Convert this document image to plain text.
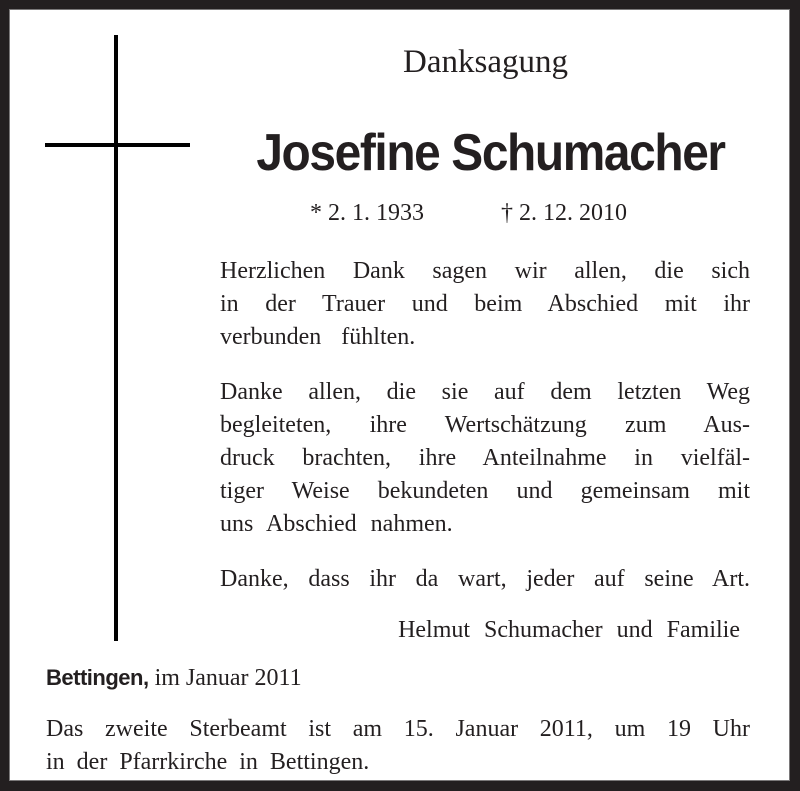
Danksagung
Josefine Schumacher
* 2. 1. 1933	† 2. 12. 2010
Herzlichen Dank sagen wir allen, die sich
in der Trauer und beim Abschied mit ihr
verbunden fühlten.
Danke allen, die sie auf dem letzten Weg
begleiteten, ihre Wertschätzung zum Aus-
druck brachten, ihre Anteilnahme in vielfäl-
tiger Weise bekundeten und gemeinsam mit
uns Abschied nahmen.
Danke, dass ihr da wart, jeder auf seine Art.
Helmut Schumacher und Familie
Bettingen, im Januar 2011
Das zweite Sterbeamt ist am 15. Januar 2011, um 19 Uhr
in der Pfarrkirche in Bettingen.
